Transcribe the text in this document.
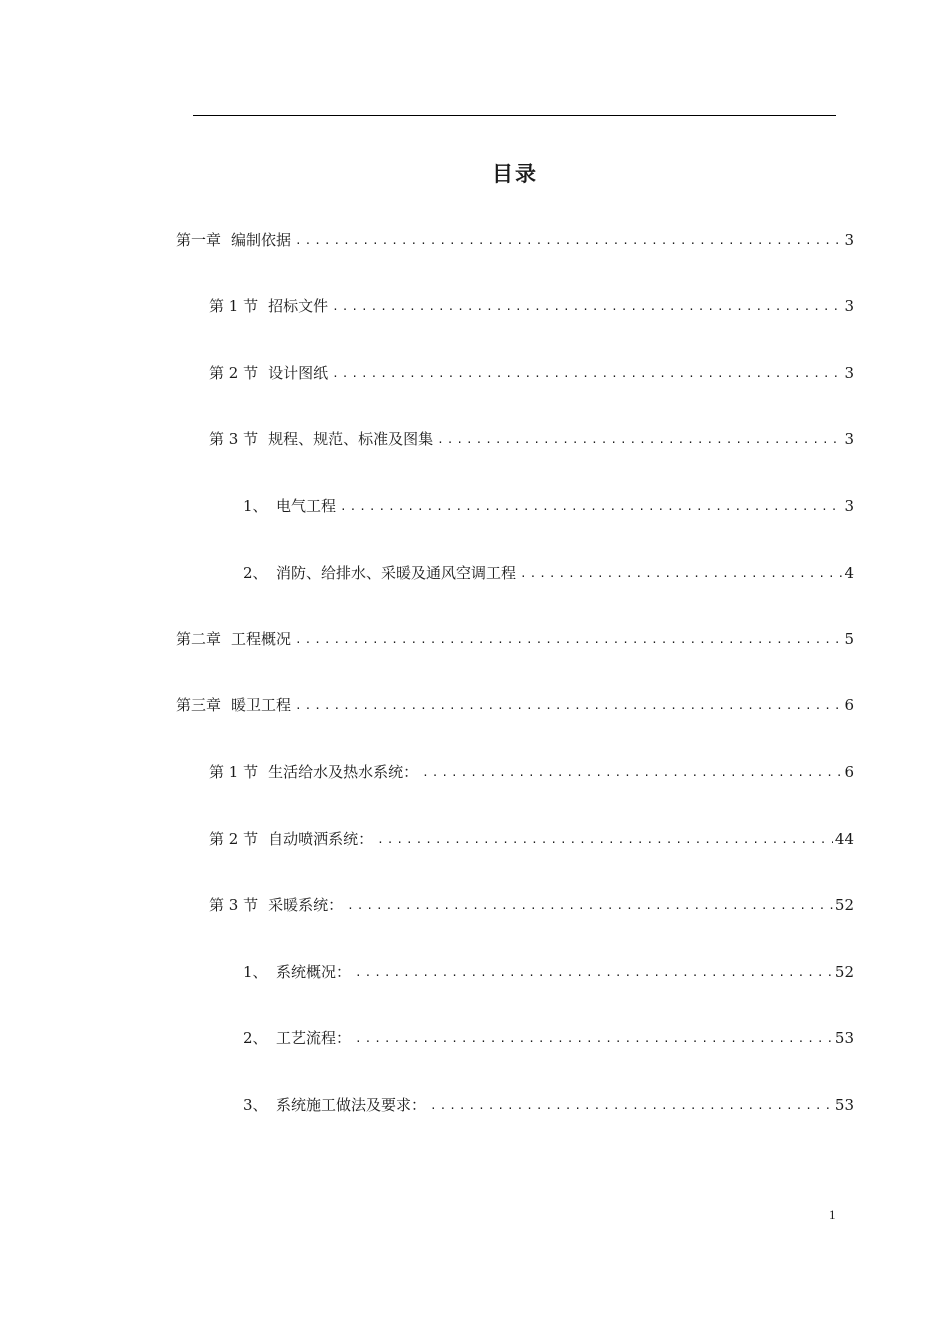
目录
第一章 编制依据 .....	3
第 1 节 招标文件 .....	3
第 2 节 设计图纸 .....	3
第 3 节 规程、规范、标准及图集 .....	3
1、 电气工程 .....	3
2、 消防、给排水、采暖及通风空调工程 .....	4
第二章 工程概况 .....	5
第三章 暖卫工程 .....	6
第 1 节 生活给水及热水系统： .....	6
第 2 节 自动喷洒系统： .....	44
第 3 节 采暖系统： .....	52
1、 系统概况： .....	52
2、 工艺流程： .....	53
3、 系统施工做法及要求： .....	53
1
